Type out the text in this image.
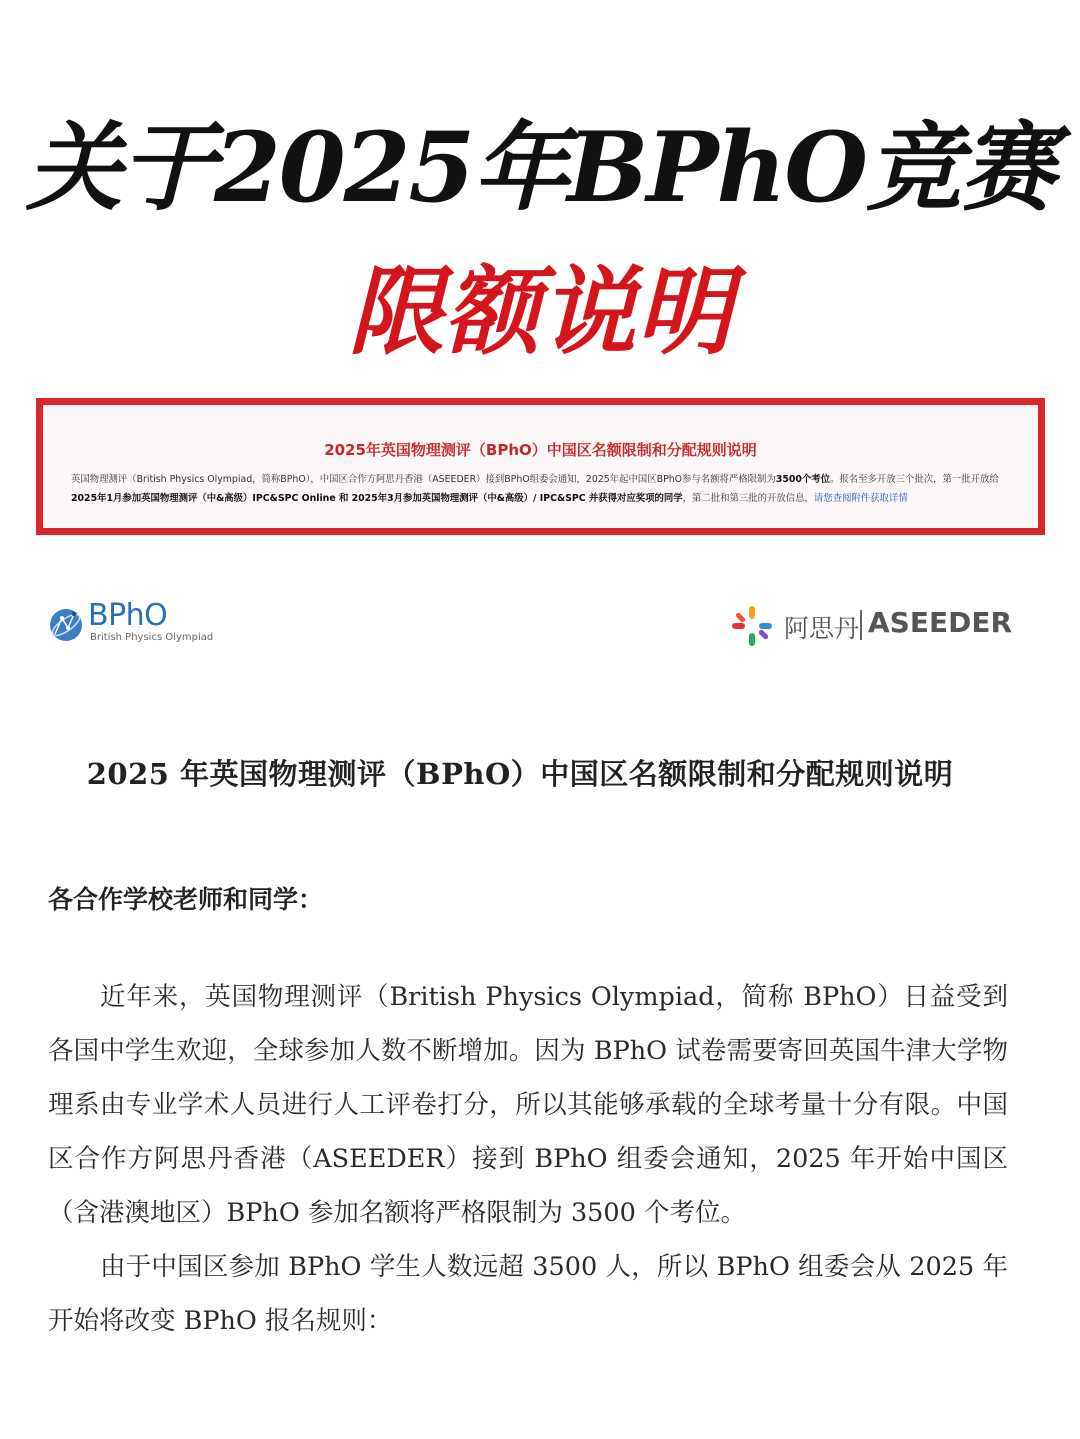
关于2025年BPhO竞赛
限额说明
2025年英国物理测评（BPhO）中国区名额限制和分配规则说明
英国物理测评（British Physics Olympiad，简称BPhO），中国区合作方阿思丹香港（ASEEDER）接到BPhO组委会通知，2025年起中国区BPhO参与名额将严格限制为3500个考位。报名至多开放三个批次，第一批开放给 2025年1月参加英国物理测评（中&高级）IPC&SPC Online 和 2025年3月参加英国物理测评（中&高级）/ IPC&SPC 并获得对应奖项的同学，第二批和第三批的开放信息，请您查阅附件获取详情
BPhO
British Physics Olympiad	阿思丹 ASEEDER
2025 年英国物理测评（BPhO）中国区名额限制和分配规则说明

各合作学校老师和同学：

近年来，英国物理测评（British Physics Olympiad，简称 BPhO）日益受到各国中学生欢迎，全球参加人数不断增加。因为 BPhO 试卷需要寄回英国牛津大学物理系由专业学术人员进行人工评卷打分，所以其能够承载的全球考量十分有限。中国区合作方阿思丹香港（ASEEDER）接到 BPhO 组委会通知，2025 年开始中国区（含港澳地区）BPhO 参加名额将严格限制为 3500 个考位。

由于中国区参加 BPhO 学生人数远超 3500 人，所以 BPhO 组委会从 2025 年开始将改变 BPhO 报名规则：
